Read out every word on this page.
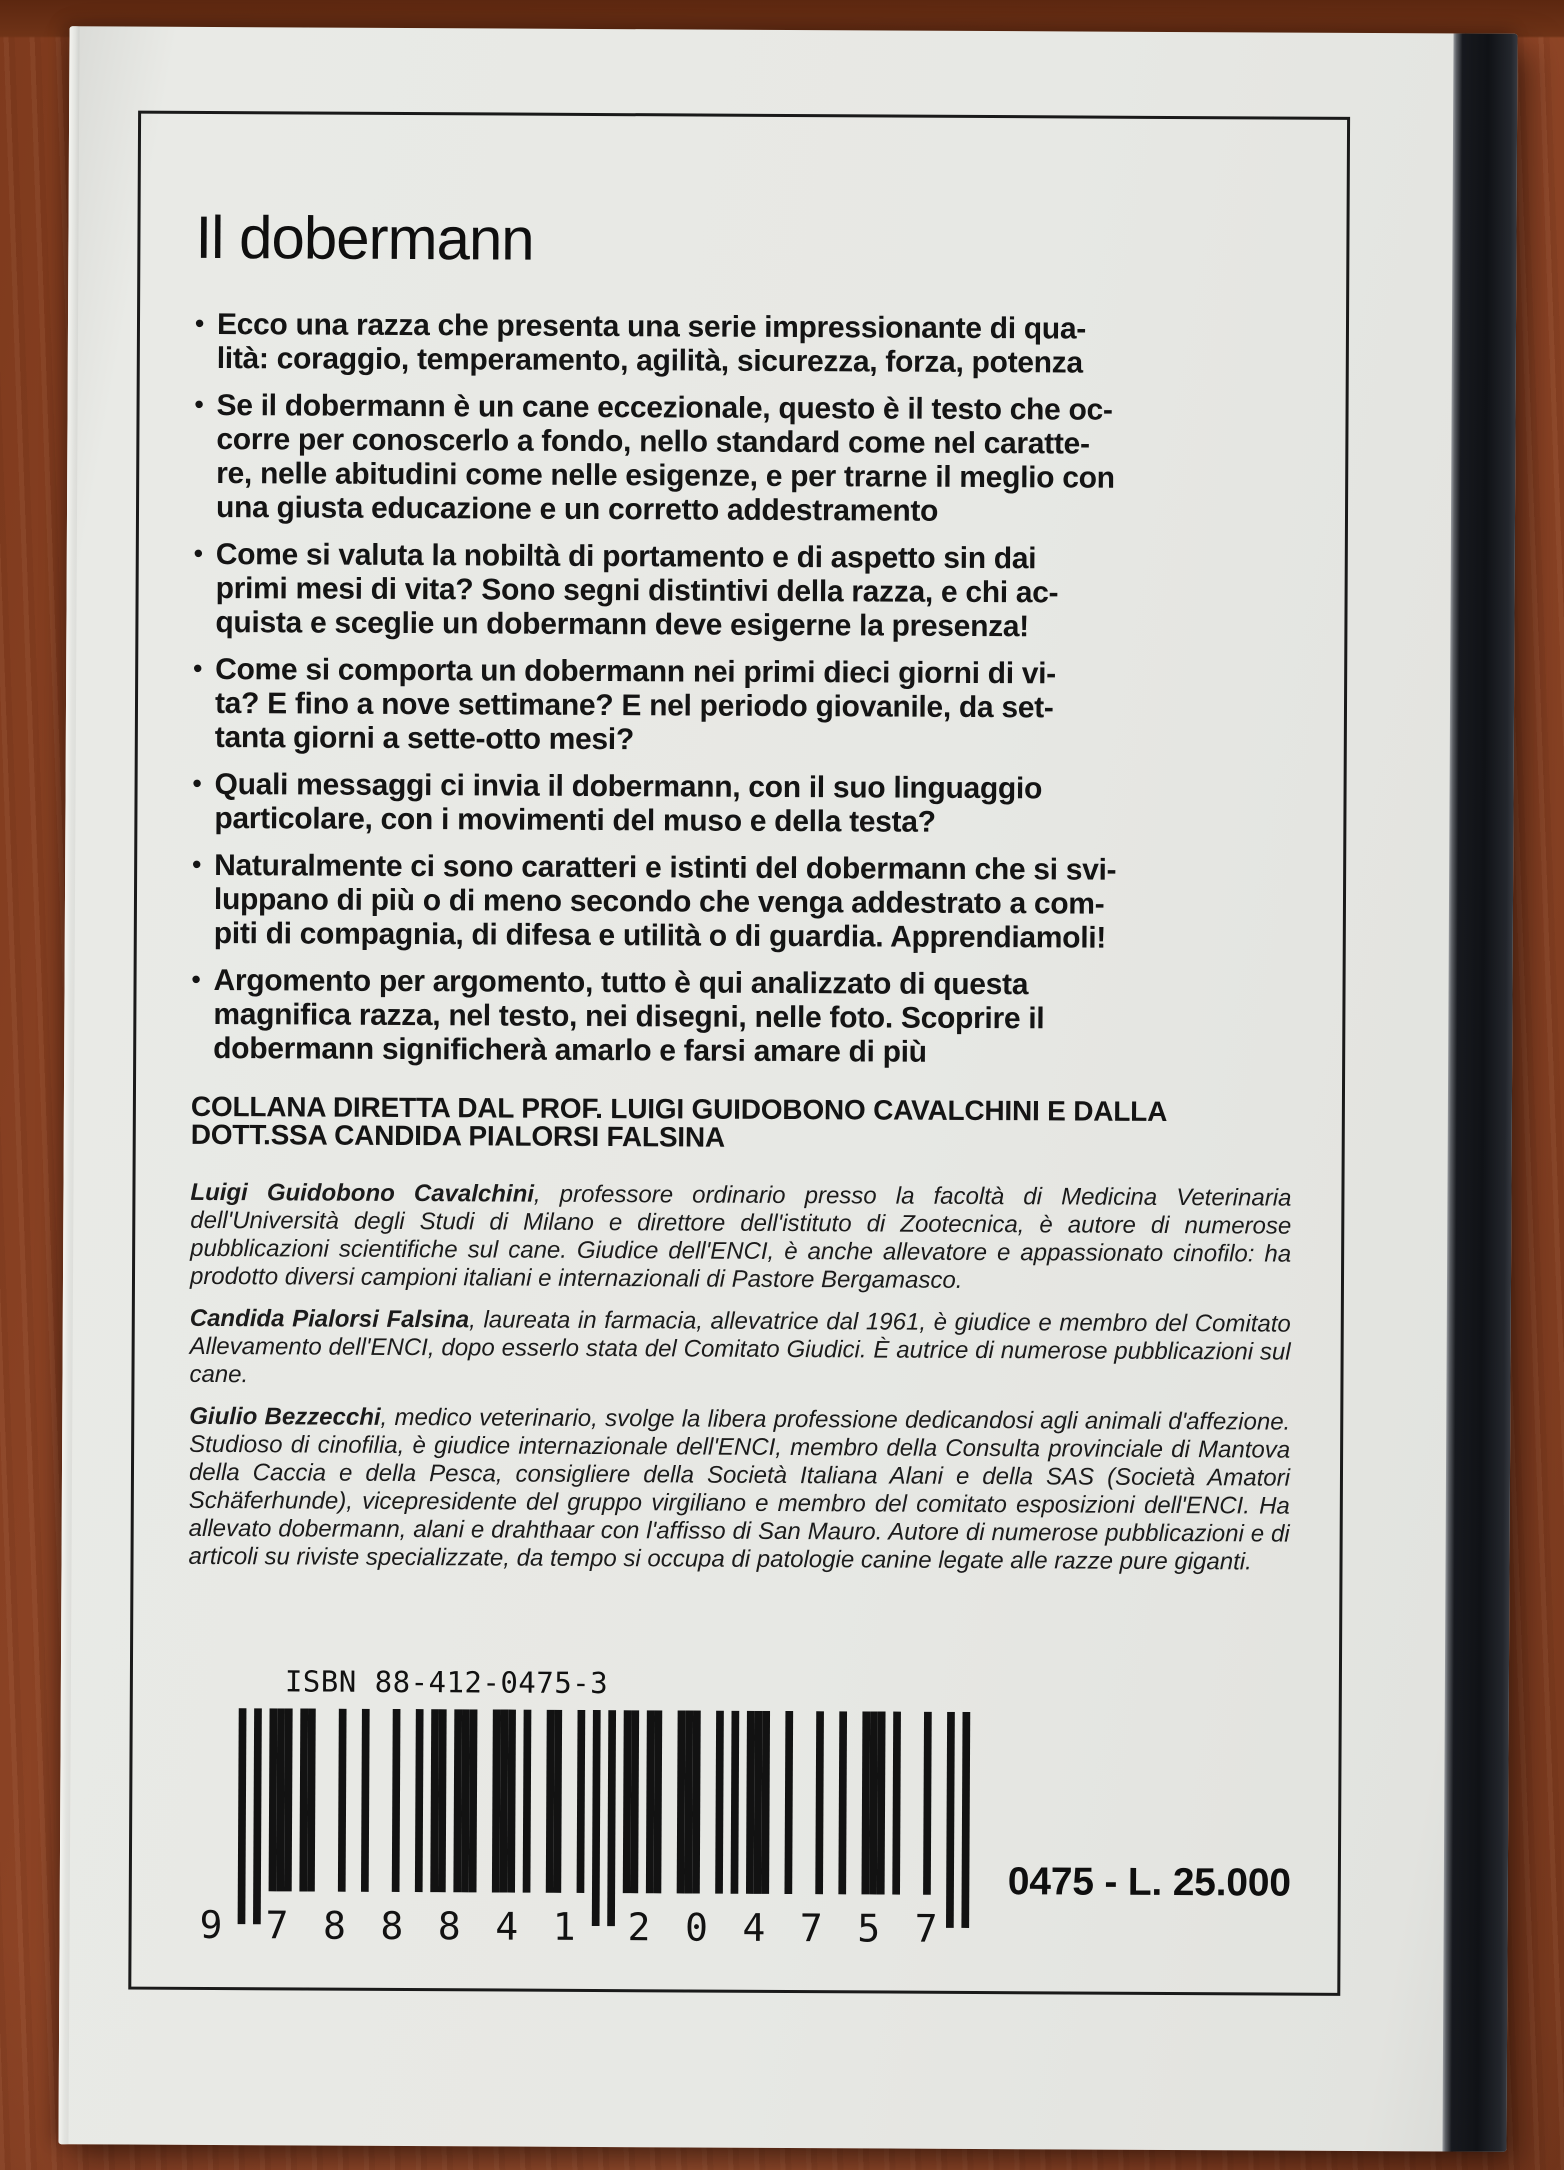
Il dobermann
• Ecco una razza che presenta una serie impressionante di qua-
lità: coraggio, temperamento, agilità, sicurezza, forza, potenza
• Se il dobermann è un cane eccezionale, questo è il testo che oc-
corre per conoscerlo a fondo, nello standard come nel caratte-
re, nelle abitudini come nelle esigenze, e per trarne il meglio con
una giusta educazione e un corretto addestramento
• Come si valuta la nobiltà di portamento e di aspetto sin dai
primi mesi di vita? Sono segni distintivi della razza, e chi ac-
quista e sceglie un dobermann deve esigerne la presenza!
• Come si comporta un dobermann nei primi dieci giorni di vi-
ta? E fino a nove settimane? E nel periodo giovanile, da set-
tanta giorni a sette-otto mesi?
• Quali messaggi ci invia il dobermann, con il suo linguaggio
particolare, con i movimenti del muso e della testa?
• Naturalmente ci sono caratteri e istinti del dobermann che si svi-
luppano di più o di meno secondo che venga addestrato a com-
piti di compagnia, di difesa e utilità o di guardia. Apprendiamoli!
• Argomento per argomento, tutto è qui analizzato di questa
magnifica razza, nel testo, nei disegni, nelle foto. Scoprire il
dobermann significherà amarlo e farsi amare di più

COLLANA DIRETTA DAL PROF. LUIGI GUIDOBONO CAVALCHINI E DALLA
DOTT.SSA CANDIDA PIALORSI FALSINA

Luigi Guidobono Cavalchini, professore ordinario presso la facoltà di Medicina Veterinaria dell'Università degli Studi di Milano e direttore dell'istituto di Zootecnica, è autore di numerose pubblicazioni scientifiche sul cane. Giudice dell'ENCI, è anche allevatore e appassionato cinofilo: ha prodotto diversi campioni italiani e internazionali di Pastore Bergamasco.

Candida Pialorsi Falsina, laureata in farmacia, allevatrice dal 1961, è giudice e membro del Comitato Allevamento dell'ENCI, dopo esserlo stata del Comitato Giudici. È autrice di numerose pubblicazioni sul cane.

Giulio Bezzecchi, medico veterinario, svolge la libera professione dedicandosi agli animali d'affezione. Studioso di cinofilia, è giudice internazionale dell'ENCI, membro della Consulta provinciale di Mantova della Caccia e della Pesca, consigliere della Società Italiana Alani e della SAS (Società Amatori Schäferhunde), vicepresidente del gruppo virgiliano e membro del comitato esposizioni dell'ENCI. Ha allevato dobermann, alani e drahthaar con l'affisso di San Mauro. Autore di numerose pubblicazioni e di articoli su riviste specializzate, da tempo si occupa di patologie canine legate alle razze pure giganti.

ISBN 88-412-0475-3
9 788841 204757
0475 - L. 25.000
